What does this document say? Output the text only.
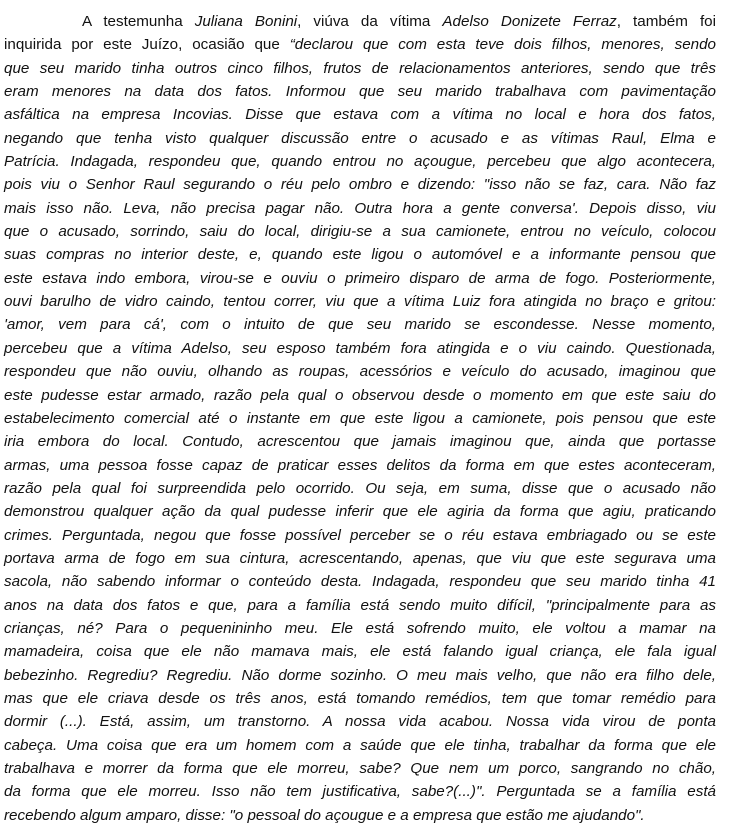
A testemunha Juliana Bonini, viúva da vítima Adelso Donizete Ferraz, também foi
inquirida por este Juízo, ocasião que “declarou que com esta teve dois filhos, menores, sendo
que seu marido tinha outros cinco filhos, frutos de relacionamentos anteriores, sendo que três
eram menores na data dos fatos. Informou que seu marido trabalhava com pavimentação
asfáltica na empresa Incovias. Disse que estava com a vítima no local e hora dos fatos,
negando que tenha visto qualquer discussão entre o acusado e as vítimas Raul, Elma e
Patrícia. Indagada, respondeu que, quando entrou no açougue, percebeu que algo acontecera,
pois viu o Senhor Raul segurando o réu pelo ombro e dizendo: "isso não se faz, cara. Não faz
mais isso não. Leva, não precisa pagar não. Outra hora a gente conversa'. Depois disso, viu
que o acusado, sorrindo, saiu do local, dirigiu-se a sua camionete, entrou no veículo, colocou
suas compras no interior deste, e, quando este ligou o automóvel e a informante pensou que
este estava indo embora, virou-se e ouviu o primeiro disparo de arma de fogo. Posteriormente,
ouvi barulho de vidro caindo, tentou correr, viu que a vítima Luiz fora atingida no braço e gritou:
'amor, vem para cá', com o intuito de que seu marido se escondesse. Nesse momento,
percebeu que a vítima Adelso, seu esposo também fora atingida e o viu caindo. Questionada,
respondeu que não ouviu, olhando as roupas, acessórios e veículo do acusado, imaginou que
este pudesse estar armado, razão pela qual o observou desde o momento em que este saiu do
estabelecimento comercial até o instante em que este ligou a camionete, pois pensou que este
iria embora do local. Contudo, acrescentou que jamais imaginou que, ainda que portasse
armas, uma pessoa fosse capaz de praticar esses delitos da forma em que estes aconteceram,
razão pela qual foi surpreendida pelo ocorrido. Ou seja, em suma, disse que o acusado não
demonstrou qualquer ação da qual pudesse inferir que ele agiria da forma que agiu, praticando
crimes. Perguntada, negou que fosse possível perceber se o réu estava embriagado ou se este
portava arma de fogo em sua cintura, acrescentando, apenas, que viu que este segurava uma
sacola, não sabendo informar o conteúdo desta. Indagada, respondeu que seu marido tinha 41
anos na data dos fatos e que, para a família está sendo muito difícil, "principalmente para as
crianças, né? Para o pequenininho meu. Ele está sofrendo muito, ele voltou a mamar na
mamadeira, coisa que ele não mamava mais, ele está falando igual criança, ele fala igual
bebezinho. Regrediu? Regrediu. Não dorme sozinho. O meu mais velho, que não era filho dele,
mas que ele criava desde os três anos, está tomando remédios, tem que tomar remédio para
dormir (...). Está, assim, um transtorno. A nossa vida acabou. Nossa vida virou de ponta
cabeça. Uma coisa que era um homem com a saúde que ele tinha, trabalhar da forma que ele
trabalhava e morrer da forma que ele morreu, sabe? Que nem um porco, sangrando no chão,
da forma que ele morreu. Isso não tem justificativa, sabe?(...)". Perguntada se a família está
recebendo algum amparo, disse: "o pessoal do açougue e a empresa que estão me ajudando".
